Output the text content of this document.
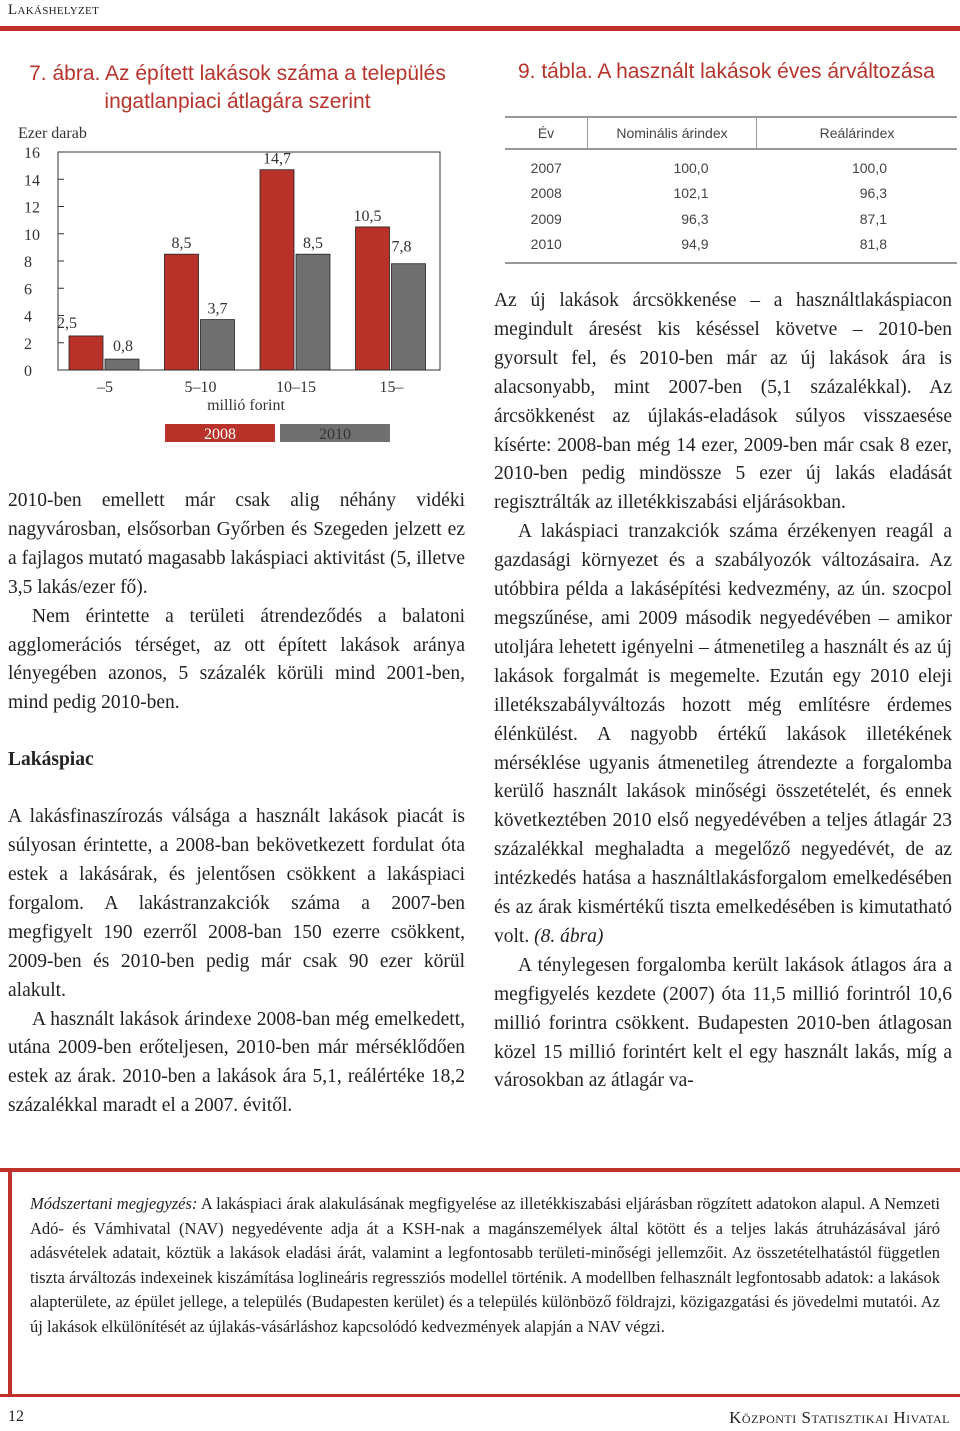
Lakáshelyzet
7. ábra. Az épített lakások száma a település
ingatlanpiaci átlagára szerint
0
2
4
6
8
10
12
14
16
Ezer darab
2,5
0,8
–5
8,5
3,7
5–10
14,7
8,5
10–15
10,5
7,8
15–
millió forint
2008	2010
9. tábla. A használt lakások éves árváltozása
Év	Nominális árindex	Reálárindex
2007	100,0	100,0
2008	102,1	96,3
2009	96,3	87,1
2010	94,9	81,8

2010-ben emellett már csak alig néhány vidéki nagyvárosban, elsősorban Győrben és Szegeden jelzett ez a fajlagos mutató magasabb lakáspiaci aktivitást (5, illetve 3,5 lakás/ezer fő).

Nem érintette a területi átrendeződés a balatoni agglomerációs térséget, az ott épített lakások aránya lényegében azonos, 5 százalék körüli mind 2001-ben, mind pedig 2010-ben.

Lakáspiac

A lakásfinaszírozás válsága a használt lakások piacát is súlyosan érintette, a 2008-ban bekövetkezett fordulat óta estek a lakásárak, és jelentősen csökkent a lakáspiaci forgalom. A lakástranzakciók száma a 2007-ben megfigyelt 190 ezerről 2008-ban 150 ezerre csökkent, 2009-ben és 2010-ben pedig már csak 90 ezer körül alakult.

A használt lakások árindexe 2008-ban még emelkedett, utána 2009-ben erőteljesen, 2010-ben már mérséklődően estek az árak. 2010-ben a lakások ára 5,1, reálértéke 18,2 százalékkal maradt el a 2007. évitől.

Az új lakások árcsökkenése – a használtlakáspiacon megindult áresést kis késéssel követve – 2010-ben gyorsult fel, és 2010-ben már az új lakások ára is alacsonyabb, mint 2007-ben (5,1 százalékkal). Az árcsökkenést az újlakás-eladások súlyos visszaesése kísérte: 2008-ban még 14 ezer, 2009-ben már csak 8 ezer, 2010-ben pedig mindössze 5 ezer új lakás eladását regisztrálták az illetékkiszabási eljárásokban.

A lakáspiaci tranzakciók száma érzékenyen reagál a gazdasági környezet és a szabályozók változásaira. Az utóbbira példa a lakásépítési kedvezmény, az ún. szocpol megszűnése, ami 2009 második negyedévében – amikor utoljára lehetett igényelni – átmenetileg a használt és az új lakások forgalmát is megemelte. Ezután egy 2010 eleji illetékszabályváltozás hozott még említésre érdemes élénkülést. A nagyobb értékű lakások illetékének mérséklése ugyanis átmenetileg átrendezte a forgalomba kerülő használt lakások minőségi összetételét, és ennek következtében 2010 első negyedévében a teljes átlagár 23 százalékkal meghaladta a megelőző negyedévét, de az intézkedés hatása a használtlakásforgalom emelkedésében és az árak kismértékű tiszta emelkedésében is kimutatható volt. (8. ábra)

A ténylegesen forgalomba került lakások átlagos ára a megfigyelés kezdete (2007) óta 11,5 millió forintról 10,6 millió forintra csökkent. Budapesten 2010-ben átlagosan közel 15 millió forintért kelt el egy használt lakás, míg a városokban az átlagár va-

Módszertani megjegyzés: A lakáspiaci árak alakulásának megfigyelése az illetékkiszabási eljárásban rögzített adatokon alapul. A Nemzeti Adó- és Vámhivatal (NAV) negyedévente adja át a KSH-nak a magánszemélyek által kötött és a teljes lakás átruházásával járó adásvételek adatait, köztük a lakások eladási árát, valamint a legfontosabb területi-minőségi jellemzőit. Az összetételhatástól független tiszta árváltozás indexeinek kiszámítása loglineáris regressziós modellel történik. A modellben felhasznált legfontosabb adatok: a lakások alapterülete, az épület jellege, a település (Budapesten kerület) és a település különböző földrajzi, közigazgatási és jövedelmi mutatói. Az új lakások elkülönítését az újlakás-vásárláshoz kapcsolódó kedvezmények alapján a NAV végzi.
12	Központi Statisztikai Hivatal
